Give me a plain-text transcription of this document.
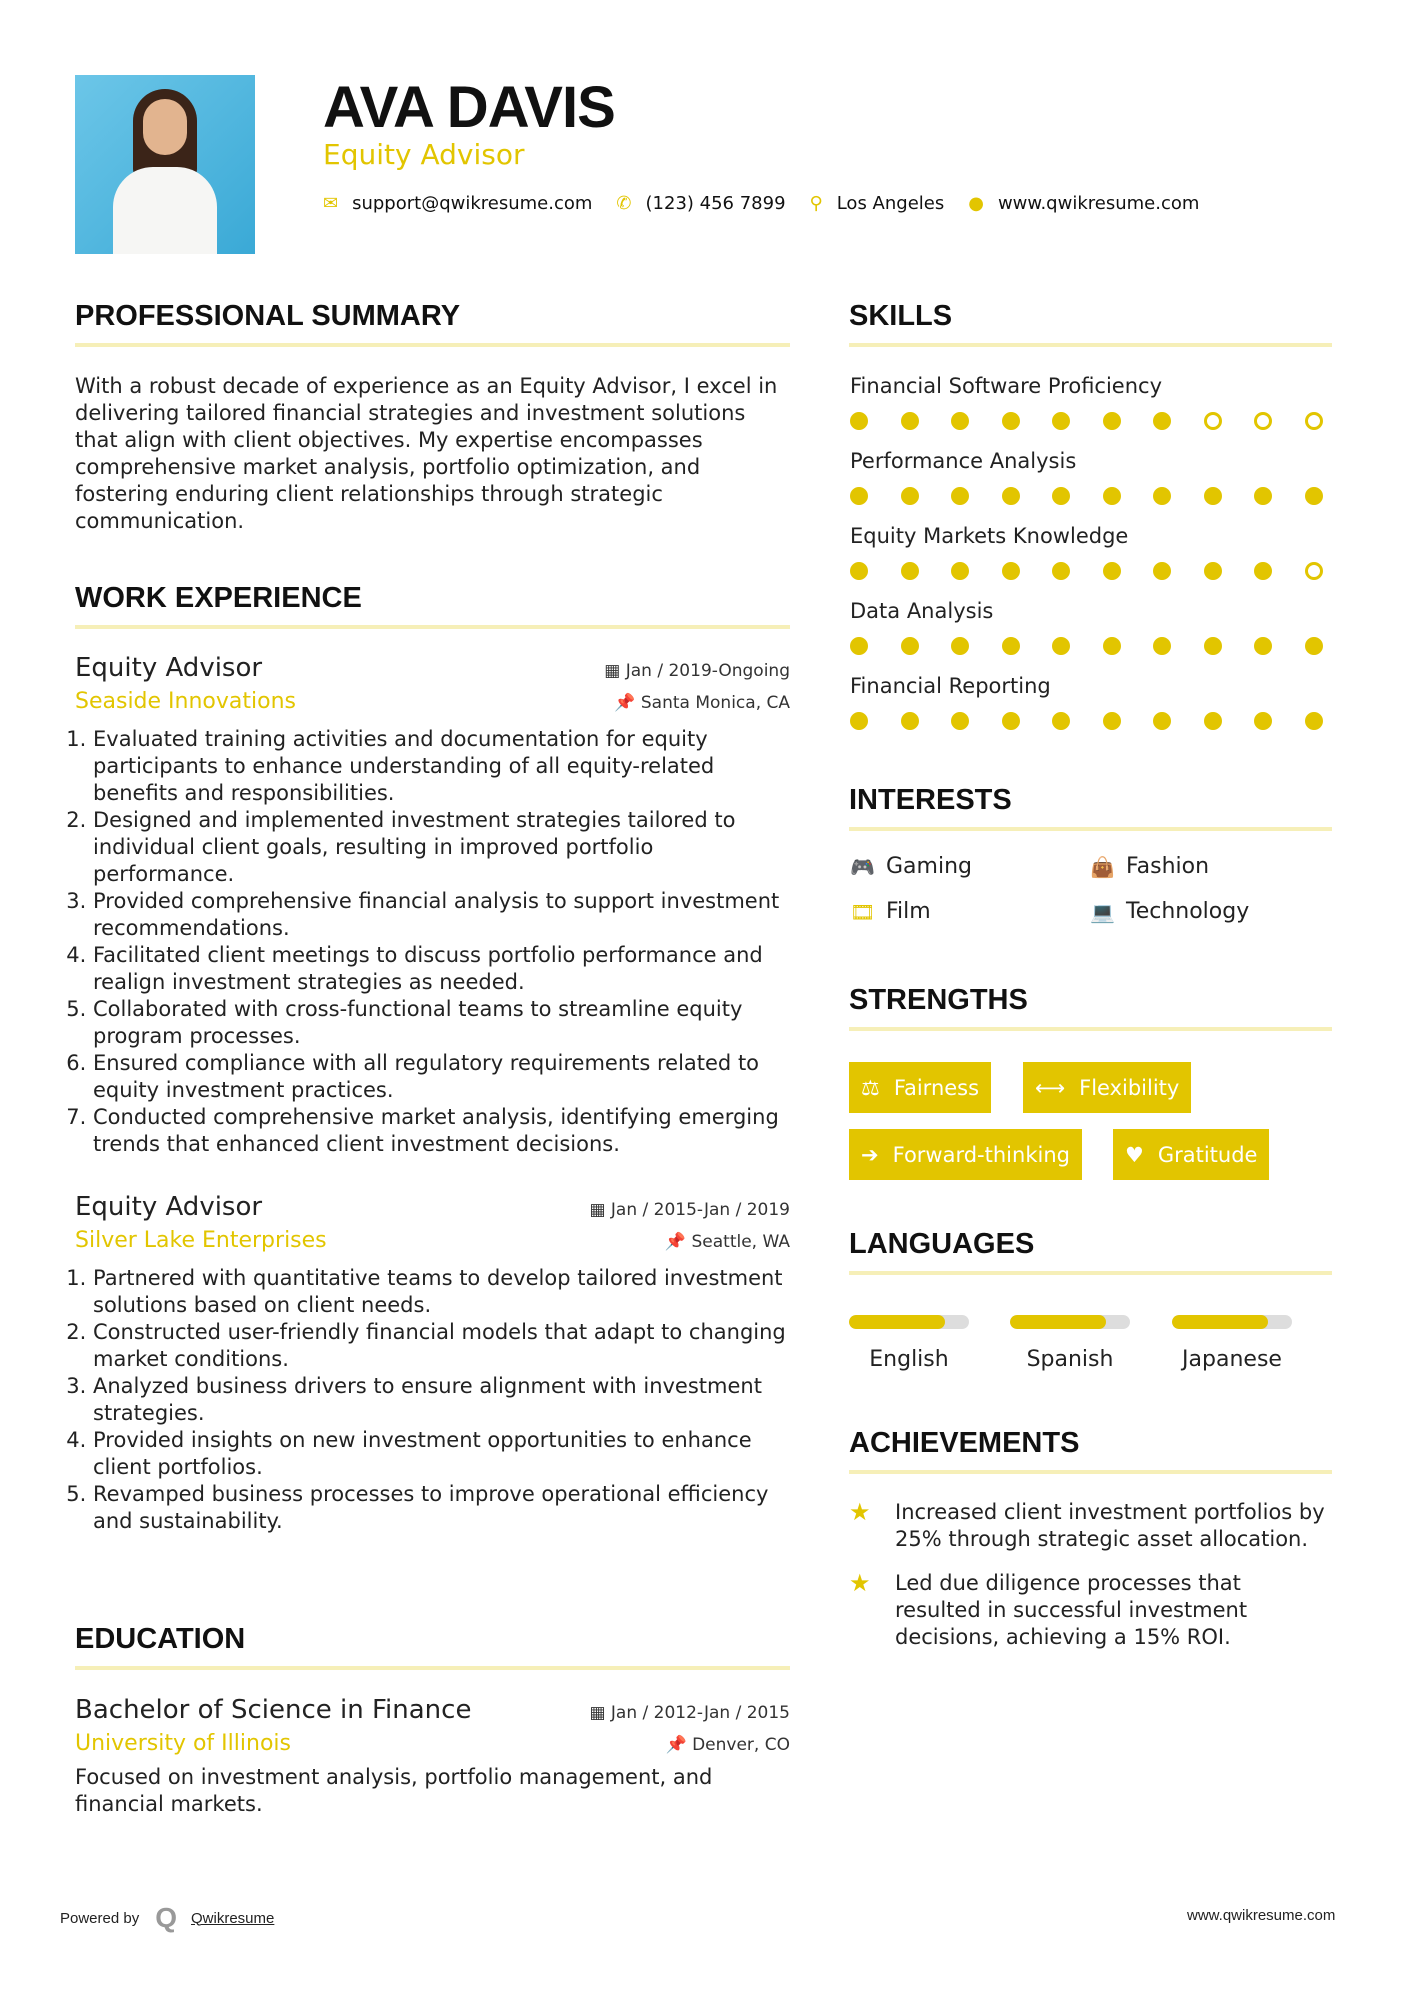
AVA DAVIS
Equity Advisor
✉ support@qwikresume.com ✆ (123) 456 7899 ⚲ Los Angeles ● www.qwikresume.com
PROFESSIONAL SUMMARY

With a robust decade of experience as an Equity Advisor, I excel in delivering tailored financial strategies and investment solutions that align with client objectives. My expertise encompasses comprehensive market analysis, portfolio optimization, and fostering enduring client relationships through strategic communication.

WORK EXPERIENCE
Equity Advisor	▦ Jan / 2019-Ongoing
Seaside Innovations	📌 Santa Monica, CA
1. Evaluated training activities and documentation for equity participants to enhance understanding of all equity-related benefits and responsibilities.
2. Designed and implemented investment strategies tailored to individual client goals, resulting in improved portfolio performance.
3. Provided comprehensive financial analysis to support investment recommendations.
4. Facilitated client meetings to discuss portfolio performance and realign investment strategies as needed.
5. Collaborated with cross-functional teams to streamline equity program processes.
6. Ensured compliance with all regulatory requirements related to equity investment practices.
7. Conducted comprehensive market analysis, identifying emerging trends that enhanced client investment decisions.
Equity Advisor	▦ Jan / 2015-Jan / 2019
Silver Lake Enterprises	📌 Seattle, WA
1. Partnered with quantitative teams to develop tailored investment solutions based on client needs.
2. Constructed user-friendly financial models that adapt to changing market conditions.
3. Analyzed business drivers to ensure alignment with investment strategies.
4. Provided insights on new investment opportunities to enhance client portfolios.
5. Revamped business processes to improve operational efficiency and sustainability.
EDUCATION
Bachelor of Science in Finance	▦ Jan / 2012-Jan / 2015
University of Illinois	📌 Denver, CO

Focused on investment analysis, portfolio management, and financial markets.

SKILLS
Financial Software Proficiency
Performance Analysis
Equity Markets Knowledge
Data Analysis
Financial Reporting
INTERESTS
🎮 Gaming	👜 Fashion
🎞 Film	💻 Technology
STRENGTHS
⚖ Fairness	⟷ Flexibility
➔ Forward-thinking	♥ Gratitude
LANGUAGES
English	Spanish	Japanese
ACHIEVEMENTS
★	Increased client investment portfolios by 25% through strategic asset allocation.
★	Led due diligence processes that resulted in successful investment decisions, achieving a 15% ROI.
Powered by Q Qwikresume	www.qwikresume.com
